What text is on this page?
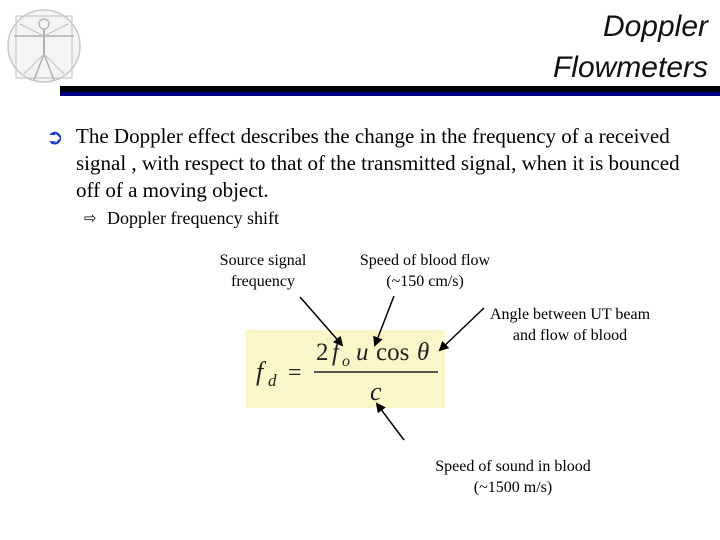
Doppler
Flowmeters
➲ The Doppler effect describes the change in the frequency of a received signal , with respect to that of the transmitted signal, when it is bounced off of a moving object.
⇨ Doppler frequency shift
Source signal
frequency
Speed of blood flow
(~150 cm/s)
Angle between UT beam
and flow of blood
Speed of sound in blood
(~1500 m/s)
f d =
2 f o u cos θ
c
